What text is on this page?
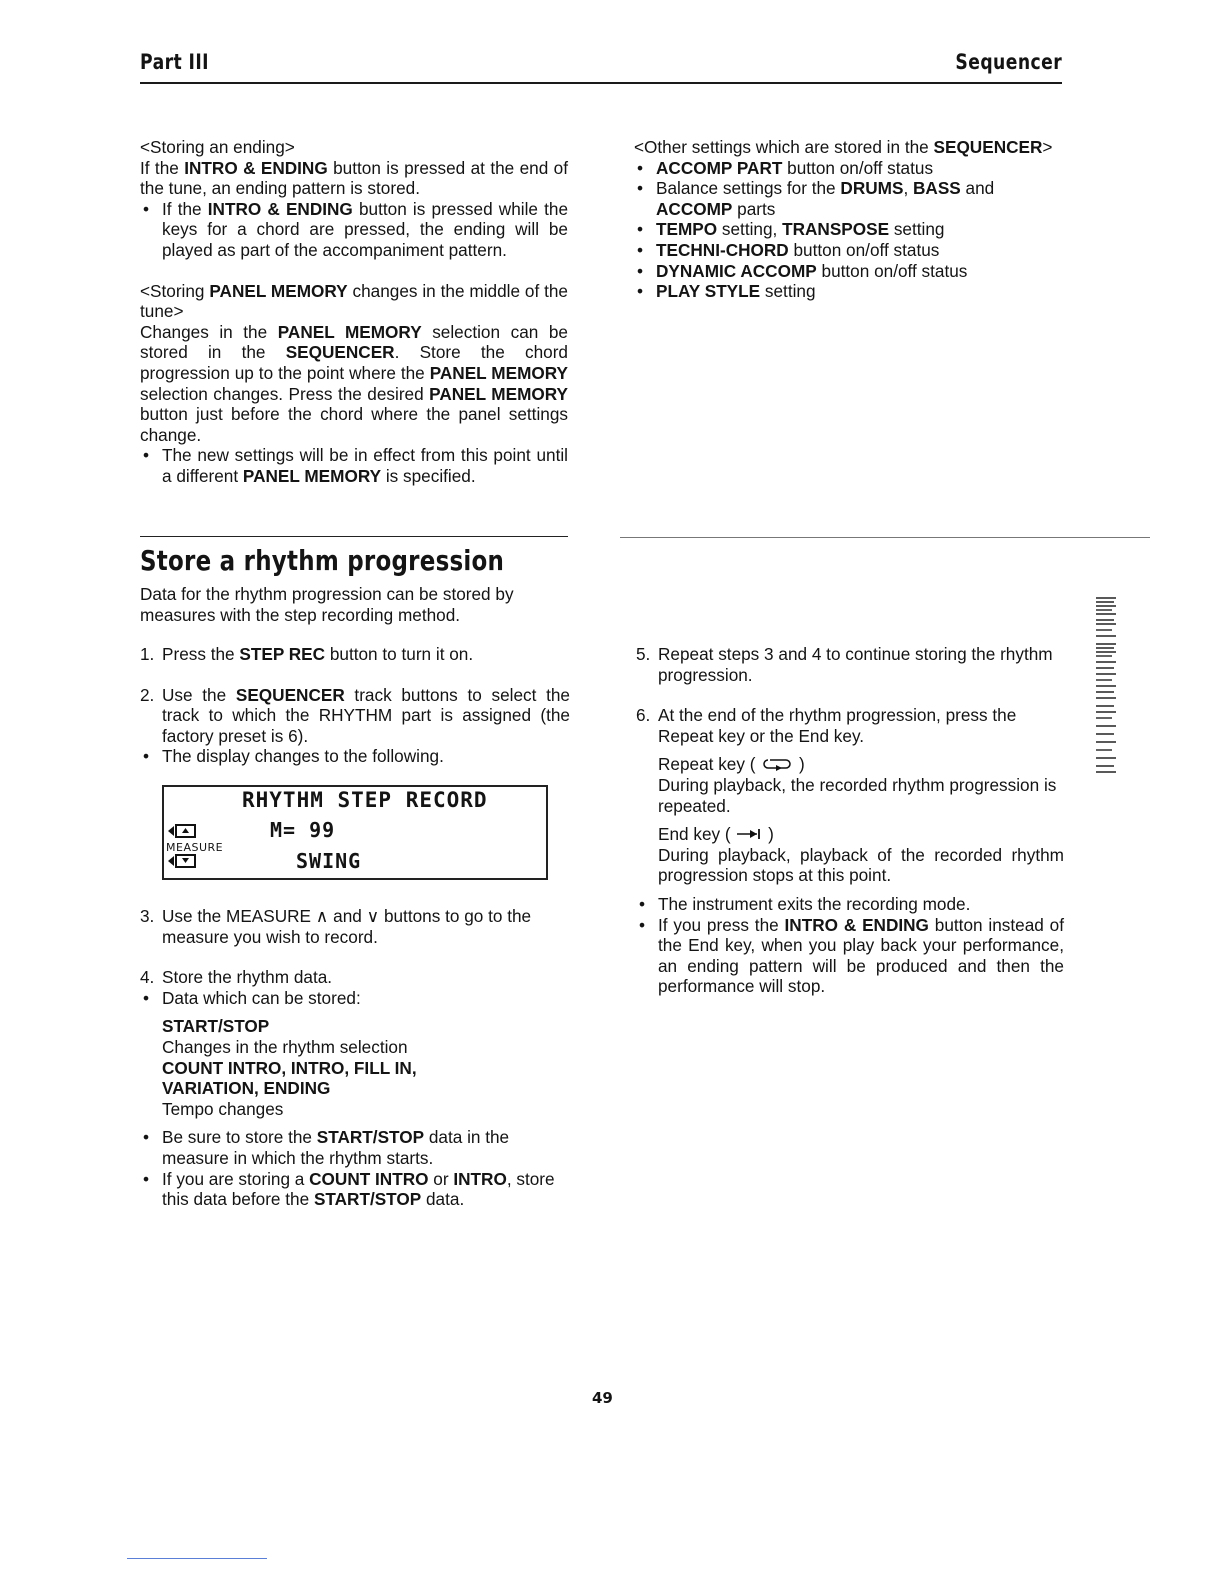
Part III	Sequencer

<Storing an ending>

If the INTRO & ENDING button is pressed at the end of the tune, an ending pattern is stored.

• If the INTRO & ENDING button is pressed while the keys for a chord are pressed, the ending will be played as part of the accompaniment pattern.

<Storing PANEL MEMORY changes in the middle of the tune>

Changes in the PANEL MEMORY selection can be stored in the SEQUENCER. Store the chord progression up to the point where the PANEL MEMORY selection changes. Press the desired PANEL MEMORY button just before the chord where the panel settings change.

• The new settings will be in effect from this point until a different PANEL MEMORY is specified.

<Other settings which are stored in the SEQUENCER>

• ACCOMP PART button on/off status

• Balance settings for the DRUMS, BASS and ACCOMP parts

• TEMPO setting, TRANSPOSE setting

• TECHNI-CHORD button on/off status

• DYNAMIC ACCOMP button on/off status

• PLAY STYLE setting

Store a rhythm progression
Data for the rhythm progression can be stored by measures with the step recording method.

1. Press the STEP REC button to turn it on.

2. Use the SEQUENCER track buttons to select the track to which the RHYTHM part is assigned (the factory preset is 6).

• The display changes to the following.

RHYTHM STEP RECORD
MEASURE
M= 99
SWING

3. Use the MEASURE ∧ and ∨ buttons to go to the measure you wish to record.

4. Store the rhythm data.

• Data which can be stored:

START/STOP

Changes in the rhythm selection

COUNT INTRO, INTRO, FILL IN,

VARIATION, ENDING

Tempo changes

• Be sure to store the START/STOP data in the measure in which the rhythm starts.

• If you are storing a COUNT INTRO or INTRO, store this data before the START/STOP data.

5. Repeat steps 3 and 4 to continue storing the rhythm progression.

6. At the end of the rhythm progression, press the Repeat key or the End key.

Repeat key (	)

During playback, the recorded rhythm progression is repeated.

End key ( )

During playback, playback of the recorded rhythm progression stops at this point.

• The instrument exits the recording mode.

• If you press the INTRO & ENDING button instead of the End key, when you play back your performance, an ending pattern will be produced and then the performance will stop.

49
